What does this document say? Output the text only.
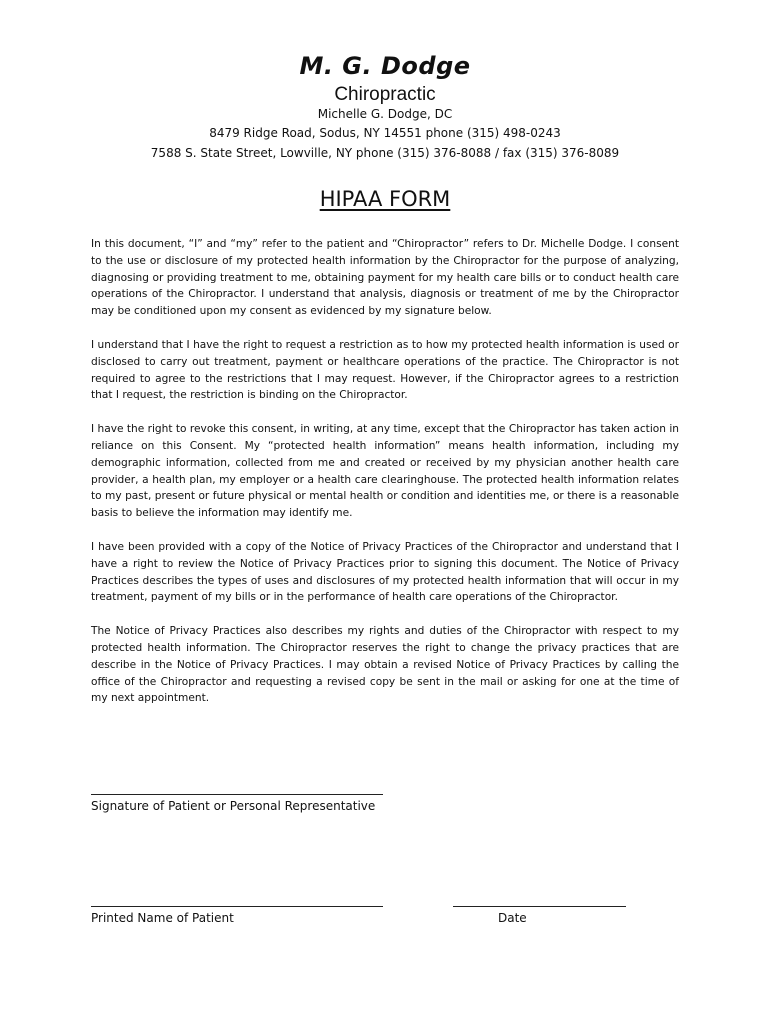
M. G. Dodge
Chiropractic
Michelle G. Dodge, DC
8479 Ridge Road, Sodus, NY 14551 phone (315) 498-0243
7588 S. State Street, Lowville, NY phone (315) 376-8088 / fax (315) 376-8089
HIPAA FORM

In this document, “I” and “my” refer to the patient and “Chiropractor” refers to Dr. Michelle Dodge. I consent to the use or disclosure of my protected health information by the Chiropractor for the purpose of analyzing, diagnosing or providing treatment to me, obtaining payment for my health care bills or to conduct health care operations of the Chiropractor. I understand that analysis, diagnosis or treatment of me by the Chiropractor may be conditioned upon my consent as evidenced by my signature below.

I understand that I have the right to request a restriction as to how my protected health information is used or disclosed to carry out treatment, payment or healthcare operations of the practice. The Chiropractor is not required to agree to the restrictions that I may request. However, if the Chiropractor agrees to a restriction that I request, the restriction is binding on the Chiropractor.

I have the right to revoke this consent, in writing, at any time, except that the Chiropractor has taken action in reliance on this Consent. My “protected health information” means health information, including my demographic information, collected from me and created or received by my physician another health care provider, a health plan, my employer or a health care clearinghouse. The protected health information relates to my past, present or future physical or mental health or condition and identities me, or there is a reasonable basis to believe the information may identify me.

I have been provided with a copy of the Notice of Privacy Practices of the Chiropractor and understand that I have a right to review the Notice of Privacy Practices prior to signing this document. The Notice of Privacy Practices describes the types of uses and disclosures of my protected health information that will occur in my treatment, payment of my bills or in the performance of health care operations of the Chiropractor.

The Notice of Privacy Practices also describes my rights and duties of the Chiropractor with respect to my protected health information. The Chiropractor reserves the right to change the privacy practices that are describe in the Notice of Privacy Practices. I may obtain a revised Notice of Privacy Practices by calling the office of the Chiropractor and requesting a revised copy be sent in the mail or asking for one at the time of my next appointment.

Signature of Patient or Personal Representative
Printed Name of Patient	Date
